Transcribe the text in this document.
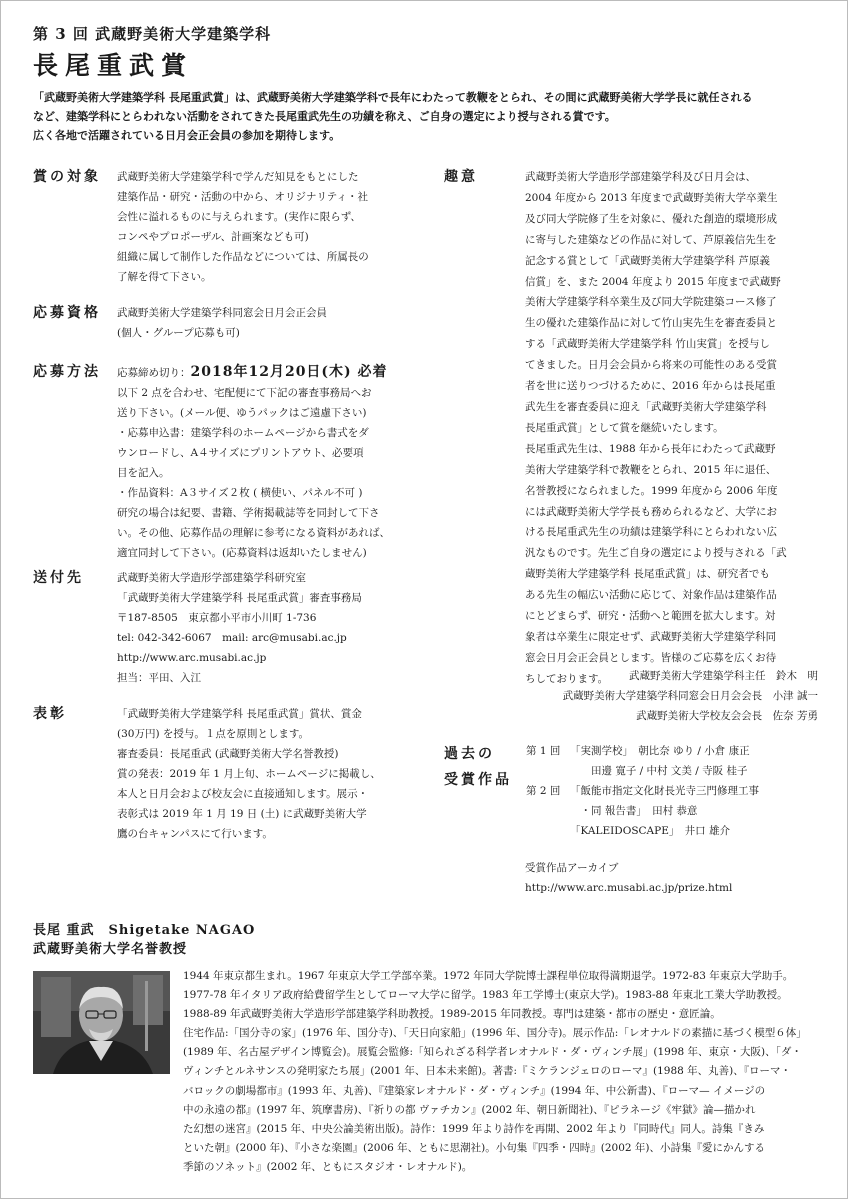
第 3 回 武蔵野美術大学建築学科
長尾重武賞

「武蔵野美術大学建築学科 長尾重武賞」は、武蔵野美術大学建築学科で長年にわたって教鞭をとられ、その間に武蔵野美術大学学長に就任される

など、建築学科にとらわれない活動をされてきた長尾重武先生の功績を称え、ご自身の選定により授与される賞です。

広く各地で活躍されている日月会正会員の参加を期待します。

賞の対象	武蔵野美術大学建築学科で学んだ知見をもとにした

建築作品・研究・活動の中から、オリジナリティ・社

会性に溢れるものに与えられます。(実作に限らず、

コンペやプロポーザル、計画案なども可)

組織に属して制作した作品などについては、所属長の

了解を得て下さい。

応募資格	武蔵野美術大学建築学科同窓会日月会正会員

(個人・グループ応募も可)

応募方法	応募締め切り：2018年12月20日(木) 必着

以下 2 点を合わせ、宅配便にて下記の審査事務局へお

送り下さい。(メール便、ゆうパックはご遠慮下さい)

・応募申込書：建築学科のホームページから書式をダ

ウンロードし、A４サイズにプリントアウト、必要項

目を記入。

・作品資料：A３サイズ２枚 ( 横使い、パネル不可 )

研究の場合は紀要、書籍、学術掲載誌等を同封して下さ

い。その他、応募作品の理解に参考になる資料があれば、

適宜同封して下さい。(応募資料は返却いたしません)

送付先	武蔵野美術大学造形学部建築学科研究室

「武蔵野美術大学建築学科 長尾重武賞」審査事務局

〒187-8505　東京都小平市小川町 1-736

tel: 042-342-6067　mail: arc@musabi.ac.jp

http://www.arc.musabi.ac.jp

担当：平田、入江

表彰	「武蔵野美術大学建築学科 長尾重武賞」賞状、賞金

(30万円) を授与。１点を原則とします。

審査委員：長尾重武 (武蔵野美術大学名誉教授)

賞の発表：2019 年 1 月上旬、ホームページに掲載し、

本人と日月会および校友会に直接通知します。展示・

表彰式は 2019 年 1 月 19 日 (土) に武蔵野美術大学

鷹の台キャンパスにて行います。

趣意	武蔵野美術大学造形学部建築学科及び日月会は、

2004 年度から 2013 年度まで武蔵野美術大学卒業生

及び同大学院修了生を対象に、優れた創造的環境形成

に寄与した建築などの作品に対して、芦原義信先生を

記念する賞として「武蔵野美術大学建築学科 芦原義

信賞」を、また 2004 年度より 2015 年度まで武蔵野

美術大学建築学科卒業生及び同大学院建築コース修了

生の優れた建築作品に対して竹山実先生を審査委員と

する「武蔵野美術大学建築学科 竹山実賞」を授与し

てきました。日月会会員から将来の可能性のある受賞

者を世に送りつづけるために、2016 年からは長尾重

武先生を審査委員に迎え「武蔵野美術大学建築学科

長尾重武賞」として賞を継続いたします。

長尾重武先生は、1988 年から長年にわたって武蔵野

美術大学建築学科で教鞭をとられ、2015 年に退任、

名誉教授になられました。1999 年度から 2006 年度

には武蔵野美術大学学長も務められるなど、大学にお

ける長尾重武先生の功績は建築学科にとらわれない広

汎なものです。先生ご自身の選定により授与される「武

蔵野美術大学建築学科 長尾重武賞」は、研究者でも

ある先生の幅広い活動に応じて、対象作品は建築作品

にとどまらず、研究・活動へと範囲を拡大します。対

象者は卒業生に限定せず、武蔵野美術大学建築学科同

窓会日月会正会員とします。皆様のご応募を広くお待

ちしております。	武蔵野美術大学建築学科主任　鈴木　明

武蔵野美術大学建築学科同窓会日月会会長　小津 誠一

武蔵野美術大学校友会会長　佐奈 芳勇

過去の
受賞作品
第 1 回 「実測学校」　朝比奈 ゆり / 小倉 康正
　　田邊 寛子 / 中村 文美 / 寺阪 桂子
第 2 回 「飯能市指定文化財長光寺三門修理工事
　・同 報告書」　田村 恭意
「KALEIDOSCAPE」　井口 雄介

受賞作品アーカイブ

http://www.arc.musabi.ac.jp/prize.html

長尾 重武　Shigetake NAGAO
武蔵野美術大学名誉教授

1944 年東京都生まれ。1967 年東京大学工学部卒業。1972 年同大学院博士課程単位取得満期退学。1972-83 年東京大学助手。

1977-78 年イタリア政府給費留学生としてローマ大学に留学。1983 年工学博士(東京大学)。1983-88 年東北工業大学助教授。

1988-89 年武蔵野美術大学造形学部建築学科助教授。1989-2015 年同教授。専門は建築・都市の歴史・意匠論。

住宅作品:「国分寺の家」(1976 年、国分寺)、「天日向家船」(1996 年、国分寺)。展示作品:「レオナルドの素描に基づく模型６体」

(1989 年、名古屋デザイン博覧会)。展覧会監修:「知られざる科学者レオナルド・ダ・ヴィンチ展」(1998 年、東京・大阪)、「ダ・

ヴィンチとルネサンスの発明家たち展」(2001 年、日本未来館)。著書:『ミケランジェロのローマ』(1988 年、丸善)、『ローマ・

バロックの劇場都市』(1993 年、丸善)、『建築家レオナルド・ダ・ヴィンチ』(1994 年、中公新書)、『ローマ— イメージの

中の永遠の都』(1997 年、筑摩書房)、『祈りの都 ヴァチカン』(2002 年、朝日新聞社)、『ピラネージ《牢獄》論—描かれ

た幻想の迷宮』(2015 年、中央公論美術出版)。詩作：1999 年より詩作を再開、2002 年より『同時代』同人。詩集『きみ

といた朝』(2000 年)、『小さな楽園』(2006 年、ともに思潮社)。小句集『四季・四時』(2002 年)、小詩集『愛にかんする

季節のソネット』(2002 年、ともにスタジオ・レオナルド)。
